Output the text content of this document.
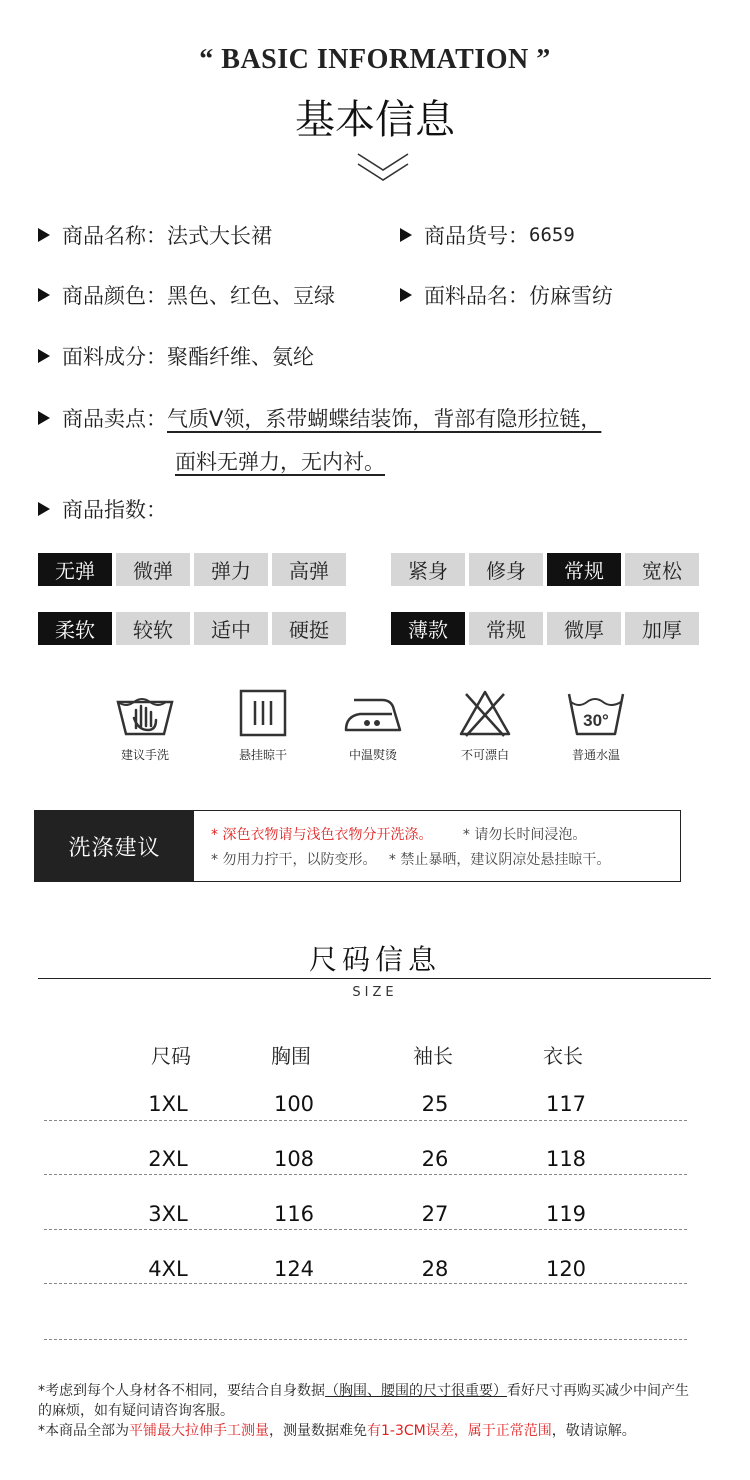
“ BASIC INFORMATION ”
基本信息
商品名称： 法式大长裙	商品货号： 6659
商品颜色： 黑色、红色、豆绿	面料品名： 仿麻雪纺
面料成分： 聚酯纤维、氨纶
商品卖点： 气质V领，系带蝴蝶结装饰，背部有隐形拉链，
面料无弹力，无内衬。
商品指数：
无弹	微弹	弹力	高弹	紧身	修身	常规	宽松
柔软	较软	适中	硬挺	薄款	常规	微厚	加厚
建议手洗	悬挂晾干	中温熨烫	不可漂白
30°
普通水温
洗涤建议
* 深色衣物请与浅色衣物分开洗涤。 * 请勿长时间浸泡。
* 勿用力拧干，以防变形。 * 禁止暴晒，建议阴凉处悬挂晾干。
尺码信息
SIZE
尺码	胸围	袖长	衣长
1XL	100	25	117
2XL	108	26	118
3XL	116	27	119
4XL	124	28	120
*考虑到每个人身材各不相同，要结合自身数据（胸围、腰围的尺寸很重要）看好尺寸再购买减少中间产生
的麻烦，如有疑问请咨询客服。
*本商品全部为平铺最大拉伸手工测量，测量数据难免有1-3CM误差，属于正常范围，敬请谅解。
